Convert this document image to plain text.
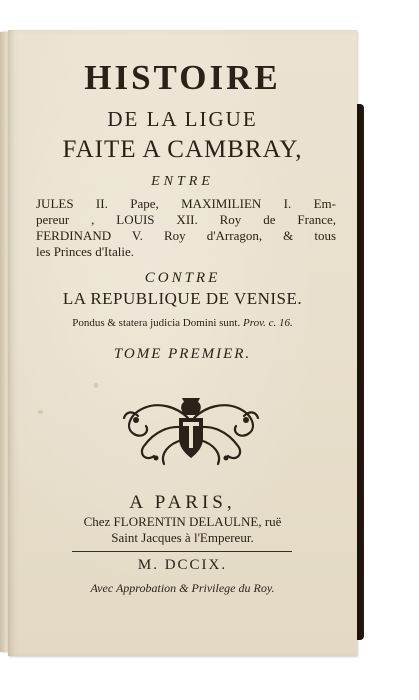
HISTOIRE
DE LA LIGUE
FAITE A CAMBRAY,
ENTRE
JULES II. Pape, MAXIMILIEN I. Em-
pereur , LOUIS XII. Roy de France,
FERDINAND V. Roy d'Arragon, & tous
les Princes d'Italie.
CONTRE
LA REPUBLIQUE DE VENISE.
Pondus & statera judicia Domini sunt. Prov. c. 16.
TOME PREMIER.
A PARIS,
Chez FLORENTIN DELAULNE, ruë
Saint Jacques à l'Empereur.
M. DCCIX.
Avec Approbation & Privilege du Roy.
